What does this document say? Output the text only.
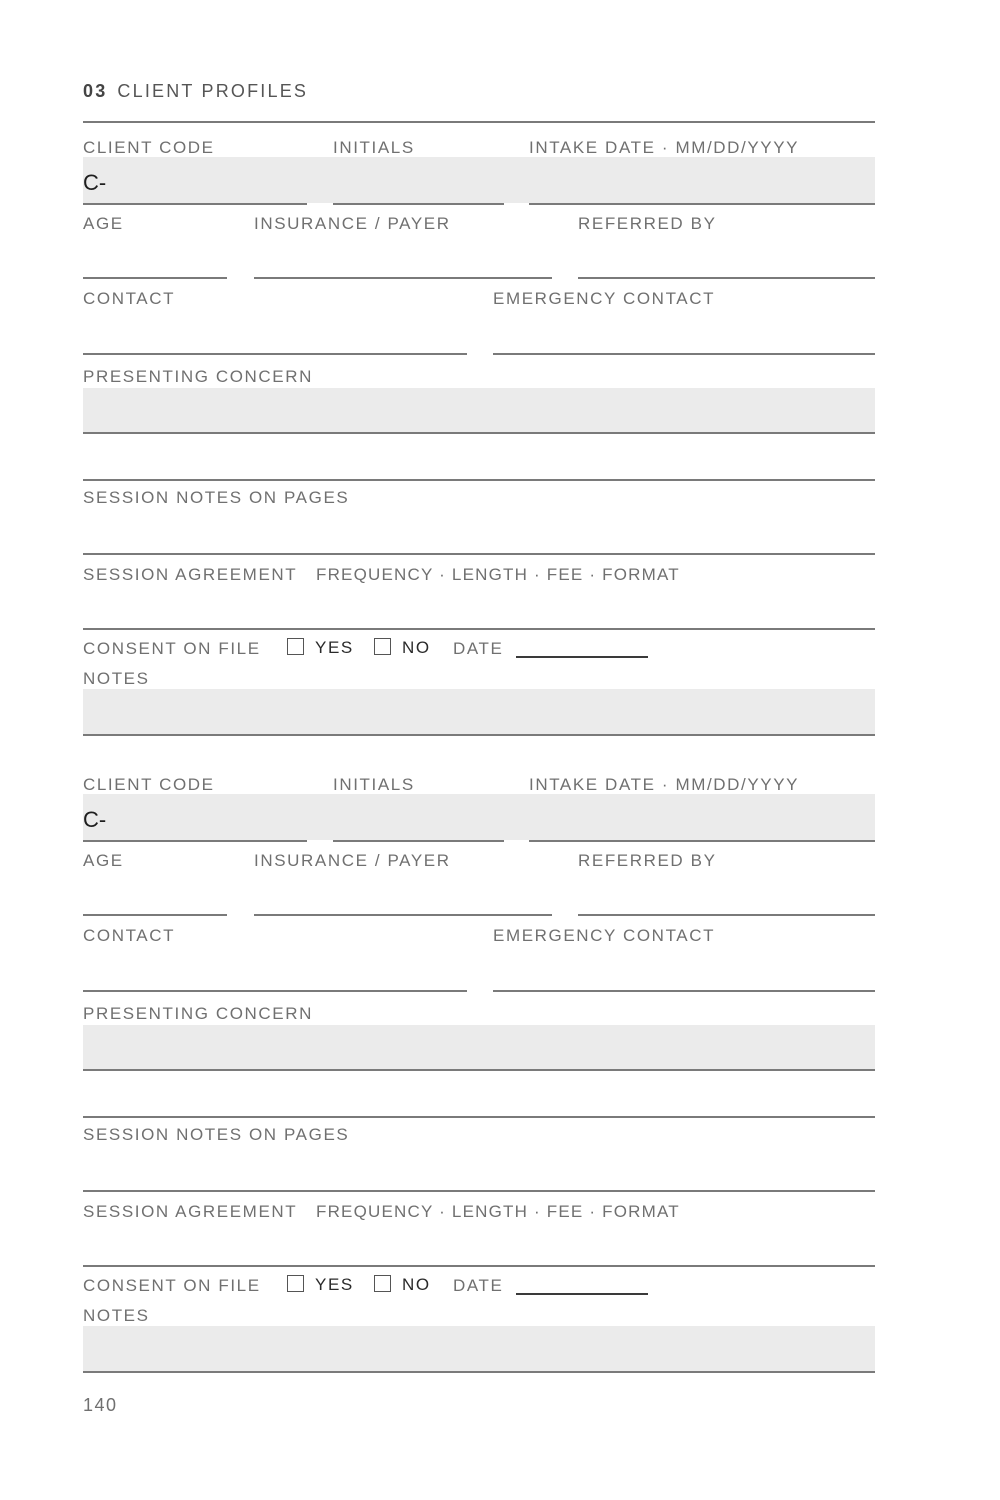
03 CLIENT PROFILES
CLIENT CODE	INITIALS	INTAKE DATE · MM/DD/YYYY
C-
AGE	INSURANCE / PAYER	REFERRED BY
CONTACT	EMERGENCY CONTACT
PRESENTING CONCERN
SESSION NOTES ON PAGES
SESSION AGREEMENT FREQUENCY · LENGTH · FEE · FORMAT
CONSENT ON FILE	YES	NO DATE
NOTES
CLIENT CODE	INITIALS	INTAKE DATE · MM/DD/YYYY
C-
AGE	INSURANCE / PAYER	REFERRED BY
CONTACT	EMERGENCY CONTACT
PRESENTING CONCERN
SESSION NOTES ON PAGES
SESSION AGREEMENT FREQUENCY · LENGTH · FEE · FORMAT
CONSENT ON FILE	YES	NO DATE
NOTES
140
